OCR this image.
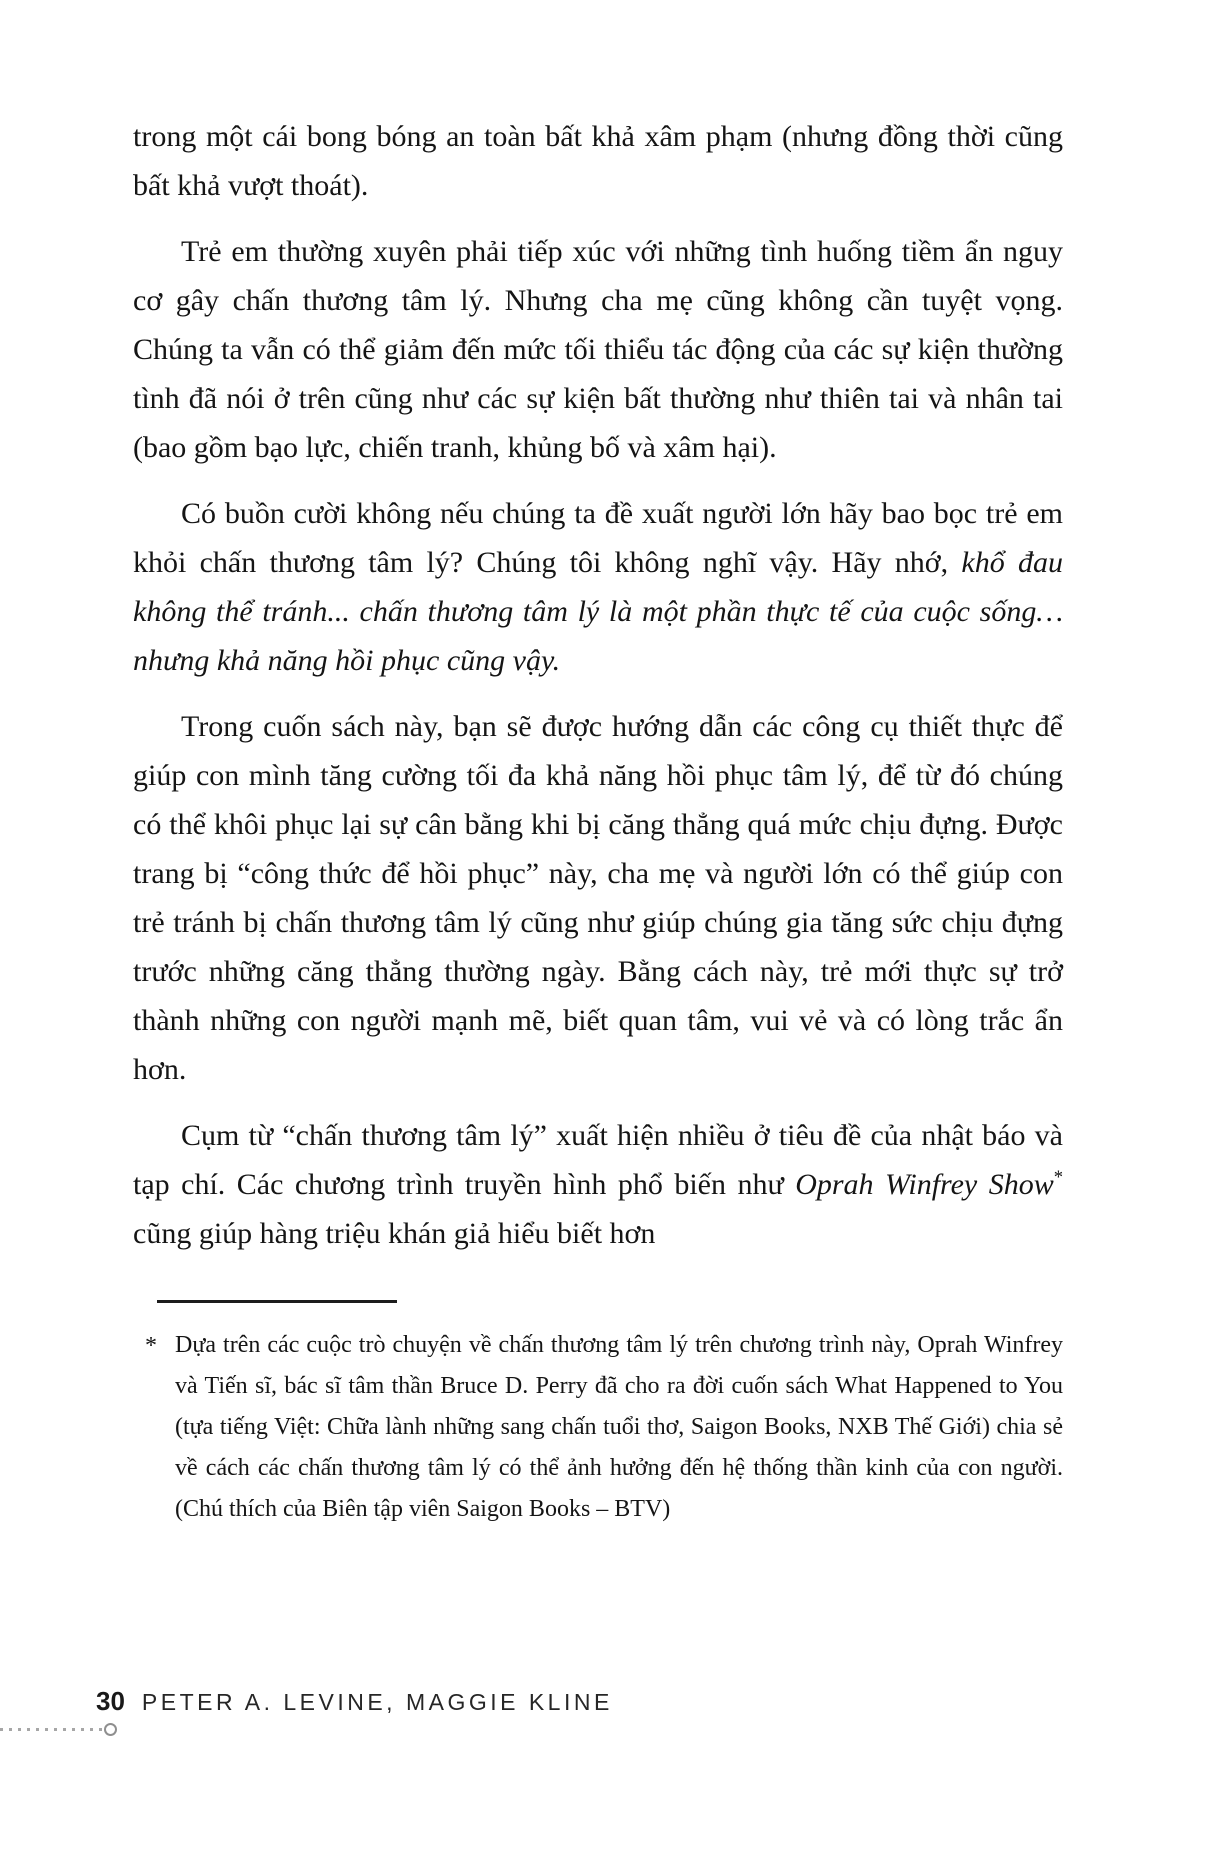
trong một cái bong bóng an toàn bất khả xâm phạm (nhưng đồng thời cũng bất khả vượt thoát).

Trẻ em thường xuyên phải tiếp xúc với những tình huống tiềm ẩn nguy cơ gây chấn thương tâm lý. Nhưng cha mẹ cũng không cần tuyệt vọng. Chúng ta vẫn có thể giảm đến mức tối thiểu tác động của các sự kiện thường tình đã nói ở trên cũng như các sự kiện bất thường như thiên tai và nhân tai (bao gồm bạo lực, chiến tranh, khủng bố và xâm hại).

Có buồn cười không nếu chúng ta đề xuất người lớn hãy bao bọc trẻ em khỏi chấn thương tâm lý? Chúng tôi không nghĩ vậy. Hãy nhớ, khổ đau không thể tránh... chấn thương tâm lý là một phần thực tế của cuộc sống… nhưng khả năng hồi phục cũng vậy.

Trong cuốn sách này, bạn sẽ được hướng dẫn các công cụ thiết thực để giúp con mình tăng cường tối đa khả năng hồi phục tâm lý, để từ đó chúng có thể khôi phục lại sự cân bằng khi bị căng thẳng quá mức chịu đựng. Được trang bị “công thức để hồi phục” này, cha mẹ và người lớn có thể giúp con trẻ tránh bị chấn thương tâm lý cũng như giúp chúng gia tăng sức chịu đựng trước những căng thẳng thường ngày. Bằng cách này, trẻ mới thực sự trở thành những con người mạnh mẽ, biết quan tâm, vui vẻ và có lòng trắc ẩn hơn.

Cụm từ “chấn thương tâm lý” xuất hiện nhiều ở tiêu đề của nhật báo và tạp chí. Các chương trình truyền hình phổ biến như Oprah Winfrey Show* cũng giúp hàng triệu khán giả hiểu biết hơn

* Dựa trên các cuộc trò chuyện về chấn thương tâm lý trên chương trình này, Oprah Winfrey và Tiến sĩ, bác sĩ tâm thần Bruce D. Perry đã cho ra đời cuốn sách What Happened to You (tựa tiếng Việt: Chữa lành những sang chấn tuổi thơ, Saigon Books, NXB Thế Giới) chia sẻ về cách các chấn thương tâm lý có thể ảnh hưởng đến hệ thống thần kinh của con người. (Chú thích của Biên tập viên Saigon Books – BTV)
30 PETER A. LEVINE, MAGGIE KLINE
